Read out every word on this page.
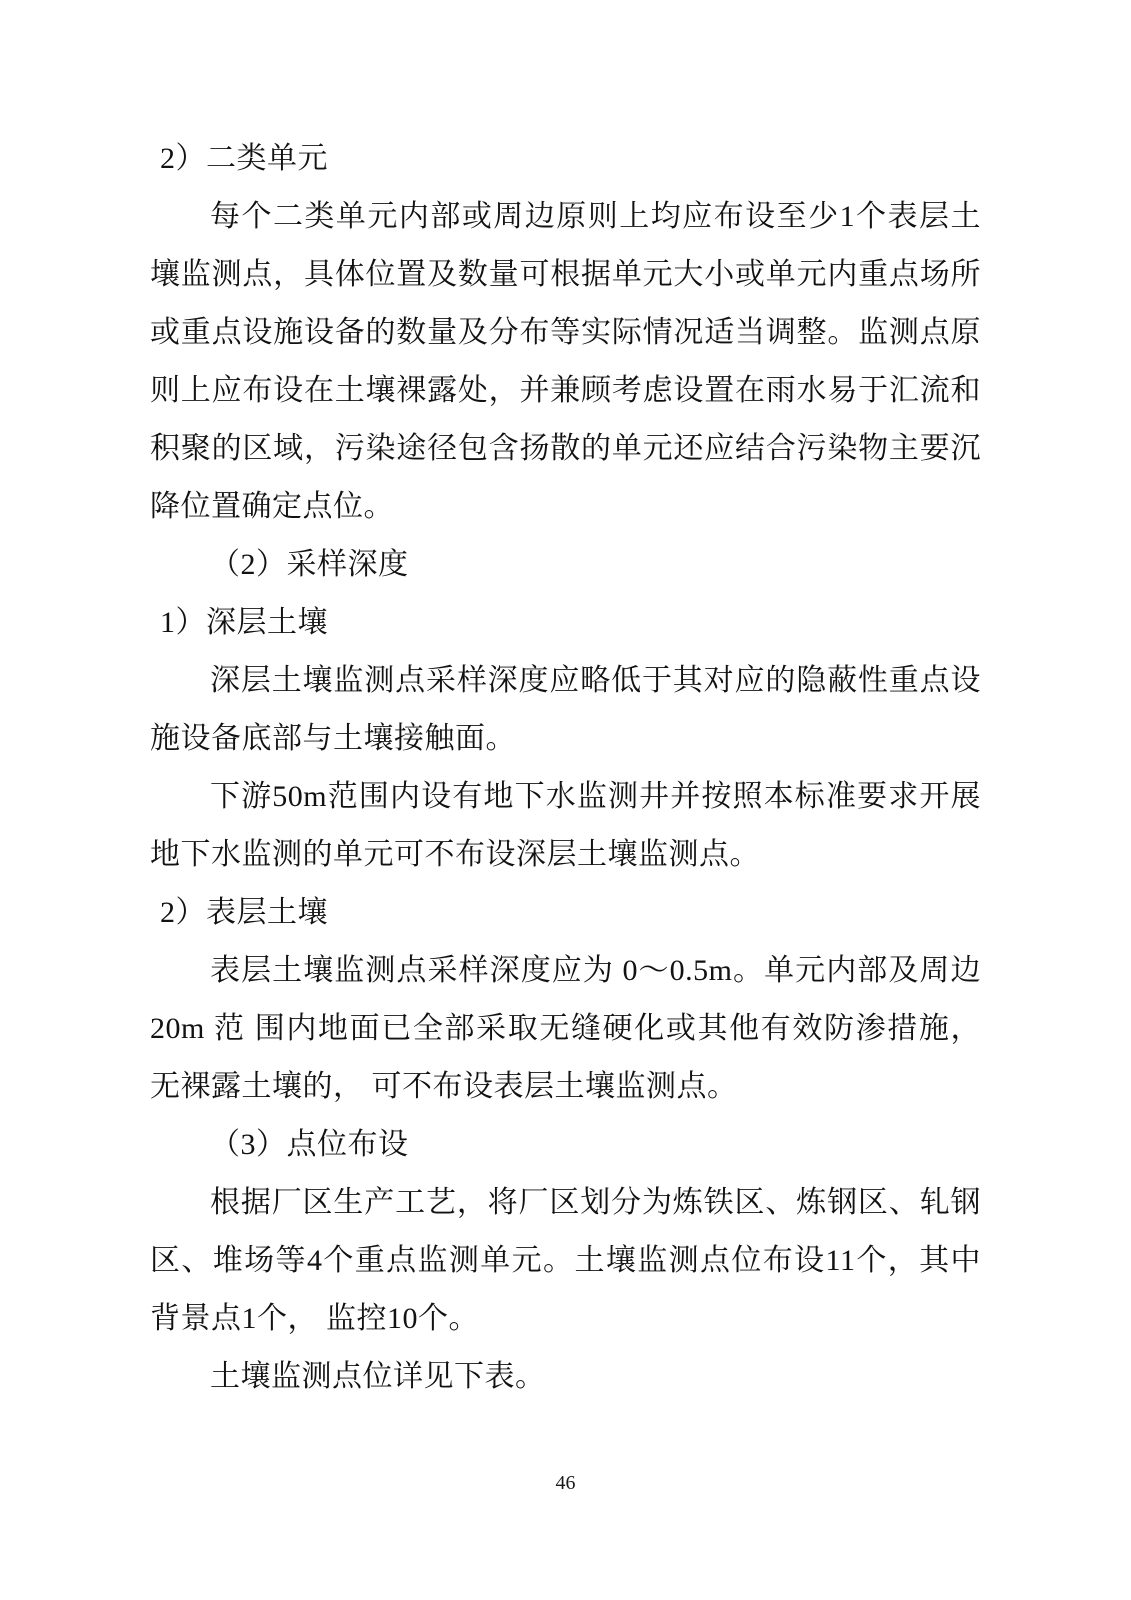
2）二类单元

每个二类单元内部或周边原则上均应布设至少1个表层土壤监测点，具体位置及数量可根据单元大小或单元内重点场所或重点设施设备的数量及分布等实际情况适当调整。监测点原则上应布设在土壤裸露处，并兼顾考虑设置在雨水易于汇流和积聚的区域，污染途径包含扬散的单元还应结合污染物主要沉降位置确定点位。

（2）采样深度

1）深层土壤

深层土壤监测点采样深度应略低于其对应的隐蔽性重点设施设备底部与土壤接触面。

下游50m范围内设有地下水监测井并按照本标准要求开展地下水监测的单元可不布设深层土壤监测点。

2）表层土壤

表层土壤监测点采样深度应为 0～0.5m。单元内部及周边 20m 范 围内地面已全部采取无缝硬化或其他有效防渗措施，无裸露土壤的， 可不布设表层土壤监测点。

（3）点位布设

根据厂区生产工艺，将厂区划分为炼铁区、炼钢区、轧钢区、堆场等4个重点监测单元。土壤监测点位布设11个，其中背景点1个， 监控10个。

土壤监测点位详见下表。

46
